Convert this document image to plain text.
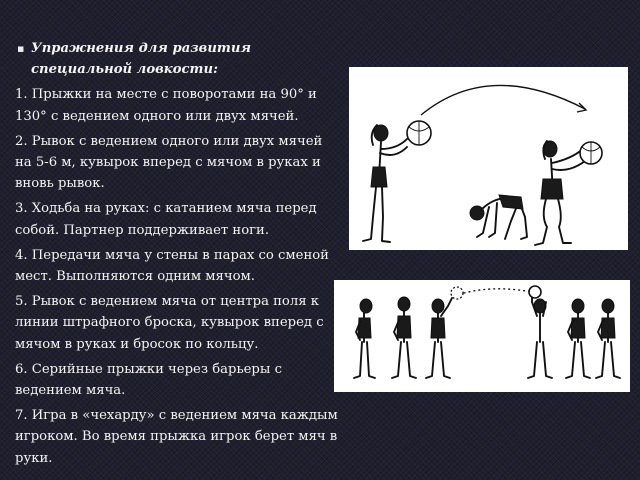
▪ Упражнения для развития специальной ловкости:
1. Прыжки на месте с поворотами на 90° и 130° с ведением одного или двух мячей.
2. Рывок с ведением одного или двух мячей на 5-6 м, кувырок вперед с мячом в руках и вновь рывок.
3. Ходьба на руках: с катанием мяча перед собой. Партнер поддерживает ноги.
4. Передачи мяча у стены в парах со сменой мест. Выполняются одним мячом.
5. Рывок с ведением мяча от центра поля к линии штрафного броска, кувырок вперед с мячом в руках и бросок по кольцу.
6. Серийные прыжки через барьеры с ведением мяча.
7. Игра в «чехарду» с ведением мяча каждым игроком. Во время прыжка игрок берет мяч в руки.
